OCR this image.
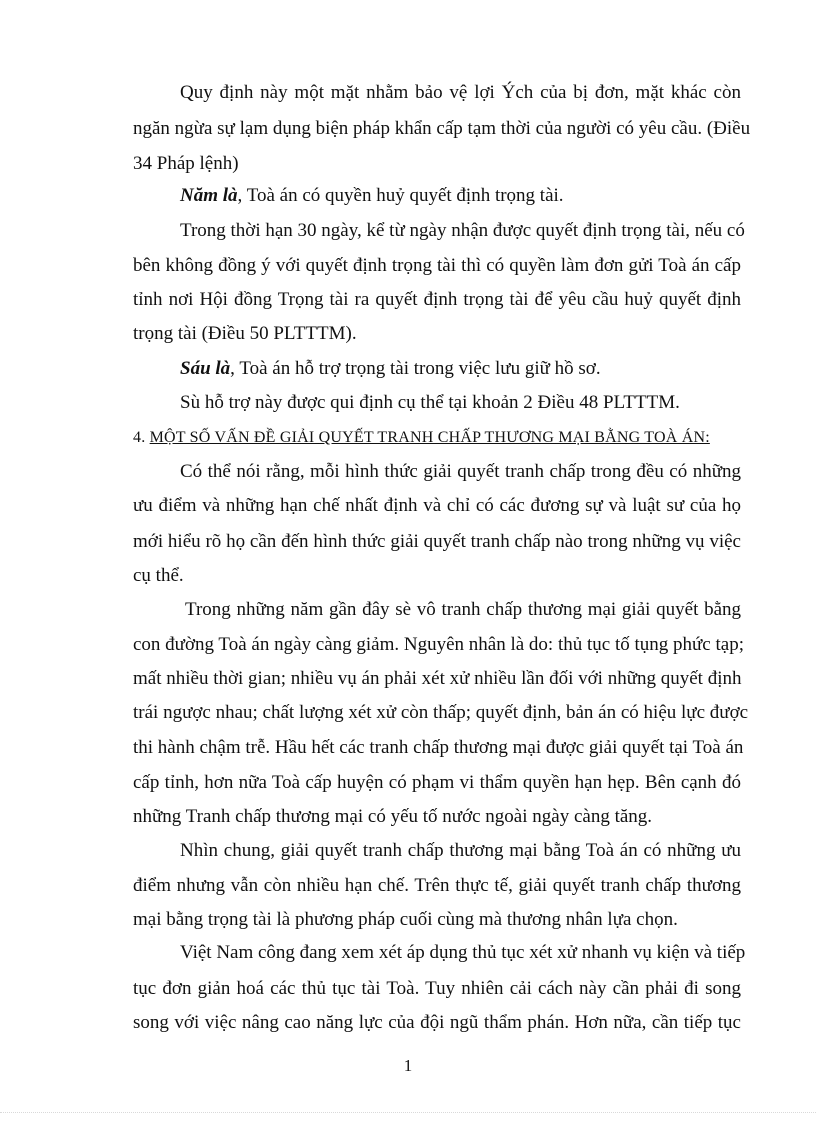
Quy định này một mặt nhằm bảo vệ lợi Ých của bị đơn, mặt khác còn
ngăn ngừa sự lạm dụng biện pháp khẩn cấp tạm thời của người có yêu cầu. (Điều
34 Pháp lệnh)
Năm là, Toà án có quyền huỷ quyết định trọng tài.
Trong thời hạn 30 ngày, kể từ ngày nhận được quyết định trọng tài, nếu có
bên không đồng ý với quyết định trọng tài thì có quyền làm đơn gửi Toà án cấp
tỉnh nơi Hội đồng Trọng tài ra quyết định trọng tài để yêu cầu huỷ quyết định
trọng tài (Điều 50 PLTTTM).
Sáu là, Toà án hỗ trợ trọng tài trong việc lưu giữ hồ sơ.
Sù hỗ trợ này được qui định cụ thể tại khoản 2 Điều 48 PLTTTM.
4. MỘT SỐ VẤN ĐỀ GIẢI QUYẾT TRANH CHẤP THƯƠNG MẠI BẰNG TOÀ ÁN:
Có thể nói rằng, mỗi hình thức giải quyết tranh chấp trong đều có những
ưu điểm và những hạn chế nhất định và chỉ có các đương sự và luật sư của họ
mới hiểu rõ họ cần đến hình thức giải quyết tranh chấp nào trong những vụ việc
cụ thể.
Trong những năm gần đây sè vô tranh chấp thương mại giải quyết bằng
con đường Toà án ngày càng giảm. Nguyên nhân là do: thủ tục tố tụng phức tạp;
mất nhiều thời gian; nhiều vụ án phải xét xử nhiều lần đối với những quyết định
trái ngược nhau; chất lượng xét xử còn thấp; quyết định, bản án có hiệu lực được
thi hành chậm trễ. Hầu hết các tranh chấp thương mại được giải quyết tại Toà án
cấp tỉnh, hơn nữa Toà cấp huyện có phạm vi thẩm quyền hạn hẹp. Bên cạnh đó
những Tranh chấp thương mại có yếu tố nước ngoài ngày càng tăng.
Nhìn chung, giải quyết tranh chấp thương mại bằng Toà án có những ưu
điểm nhưng vẫn còn nhiều hạn chế. Trên thực tế, giải quyết tranh chấp thương
mại bằng trọng tài là phương pháp cuối cùng mà thương nhân lựa chọn.
Việt Nam công đang xem xét áp dụng thủ tục xét xử nhanh vụ kiện và tiếp
tục đơn giản hoá các thủ tục tài Toà. Tuy nhiên cải cách này cần phải đi song
song với việc nâng cao năng lực của đội ngũ thẩm phán. Hơn nữa, cần tiếp tục
1
